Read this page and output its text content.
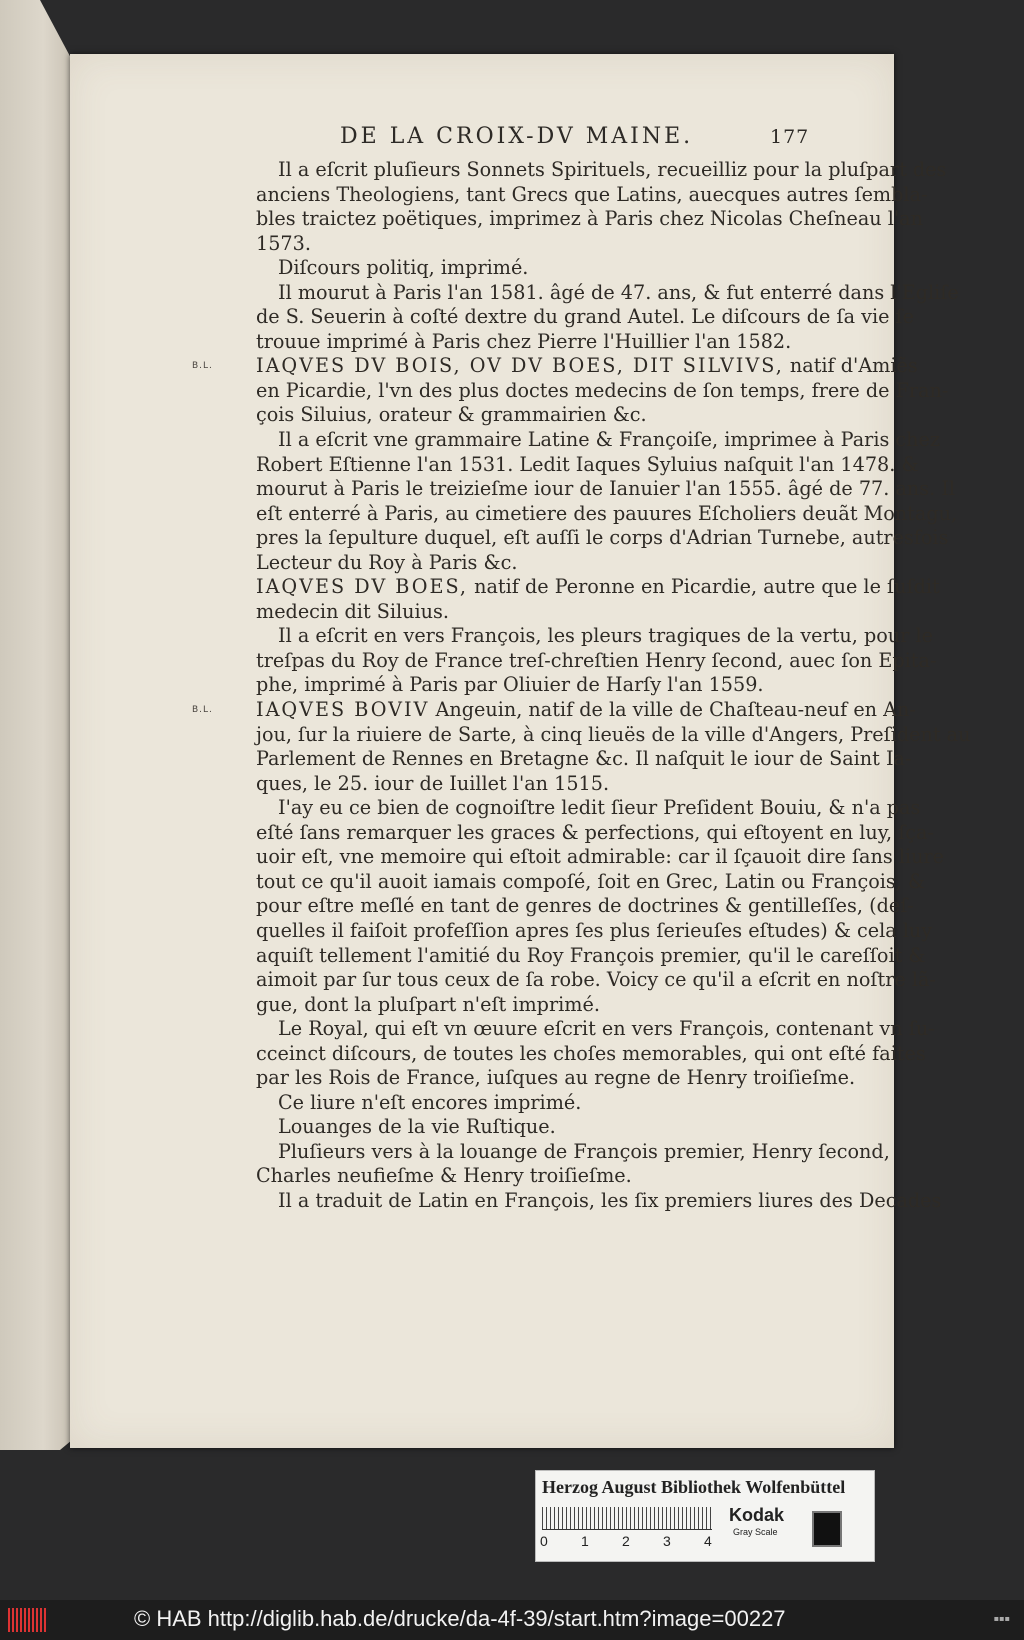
DE LA CROIX-DV MAINE.	177
Il a eſcrit pluſieurs Sonnets Spirituels, recueilliz pour la pluſpart des
anciens Theologiens, tant Grecs que Latins, auecques autres ſembla-
bles traictez poëtiques, imprimez à Paris chez Nicolas Cheſneau l'an
1573.
Diſcours politiq, imprimé.
Il mourut à Paris l'an 1581. âgé de 47. ans, & fut enterré dans l'Egliſe
de S. Seuerin à coſté dextre du grand Autel. Le diſcours de ſa vie ſe
trouue imprimé à Paris chez Pierre l'Huillier l'an 1582.
B.L. IAQVES DV BOIS, OV DV BOES, DIT SILVIVS, natif d'Amiẽs
en Picardie, l'vn des plus doctes medecins de ſon temps, frere de Fran-
çois Siluius, orateur & grammairien &c.
Il a eſcrit vne grammaire Latine & Françoiſe, imprimee à Paris chez
Robert Eſtienne l'an 1531. Ledit Iaques Syluius naſquit l'an 1478. &
mourut à Paris le treizieſme iour de Ianuier l'an 1555. âgé de 77. ans. Il
eſt enterré à Paris, au cimetiere des pauures Eſcholiers deuãt Montagu,
pres la ſepulture duquel, eſt auſſi le corps d'Adrian Turnebe, autresfois
Lecteur du Roy à Paris &c.
IAQVES DV BOES, natif de Peronne en Picardie, autre que le ſuſdit
medecin dit Siluius.
Il a eſcrit en vers François, les pleurs tragiques de la vertu, pour le
treſpas du Roy de France treſ-chreſtien Henry ſecond, auec ſon Epita-
phe, imprimé à Paris par Oliuier de Harſy l'an 1559.
B.L. IAQVES BOVIV Angeuin, natif de la ville de Chaſteau-neuf en An-
jou, ſur la riuiere de Sarte, à cinq lieuës de la ville d'Angers, Preſident au
Parlement de Rennes en Bretagne &c. Il naſquit le iour de Saint Ia-
ques, le 25. iour de Iuillet l'an 1515.
I'ay eu ce bien de cognoiſtre ledit ſieur Preſident Bouiu, & n'a pas
eſté ſans remarquer les graces & perfections, qui eſtoyent en luy, ſça-
uoir eſt, vne memoire qui eſtoit admirable: car il ſçauoit dire ſans liure
tout ce qu'il auoit iamais compoſé, ſoit en Grec, Latin ou François, &
pour eſtre meſlé en tant de genres de doctrines & gentilleſſes, (deſ-
quelles il faiſoit profeſſion apres ſes plus ſerieuſes eſtudes) & cela luy
aquiſt tellement l'amitié du Roy François premier, qu'il le careſſoit &
aimoit par ſur tous ceux de ſa robe. Voicy ce qu'il a eſcrit en noſtre lã-
gue, dont la pluſpart n'eſt imprimé.
Le Royal, qui eſt vn œuure eſcrit en vers François, contenant vn ſu-
cceinct diſcours, de toutes les choſes memorables, qui ont eſté faites
par les Rois de France, iuſques au regne de Henry troiſieſme.
Ce liure n'eſt encores imprimé.
Louanges de la vie Ruſtique.
Pluſieurs vers à la louange de François premier, Henry ſecond,
Charles neufieſme & Henry troiſieſme.
Il a traduit de Latin en François, les ſix premiers liures des Decades
Herzog August Bibliothek Wolfenbüttel
0 1 2 3 4
Kodak
Gray Scale
© HAB http://diglib.hab.de/drucke/da-4f-39/start.htm?image=00227	▪▪▪
